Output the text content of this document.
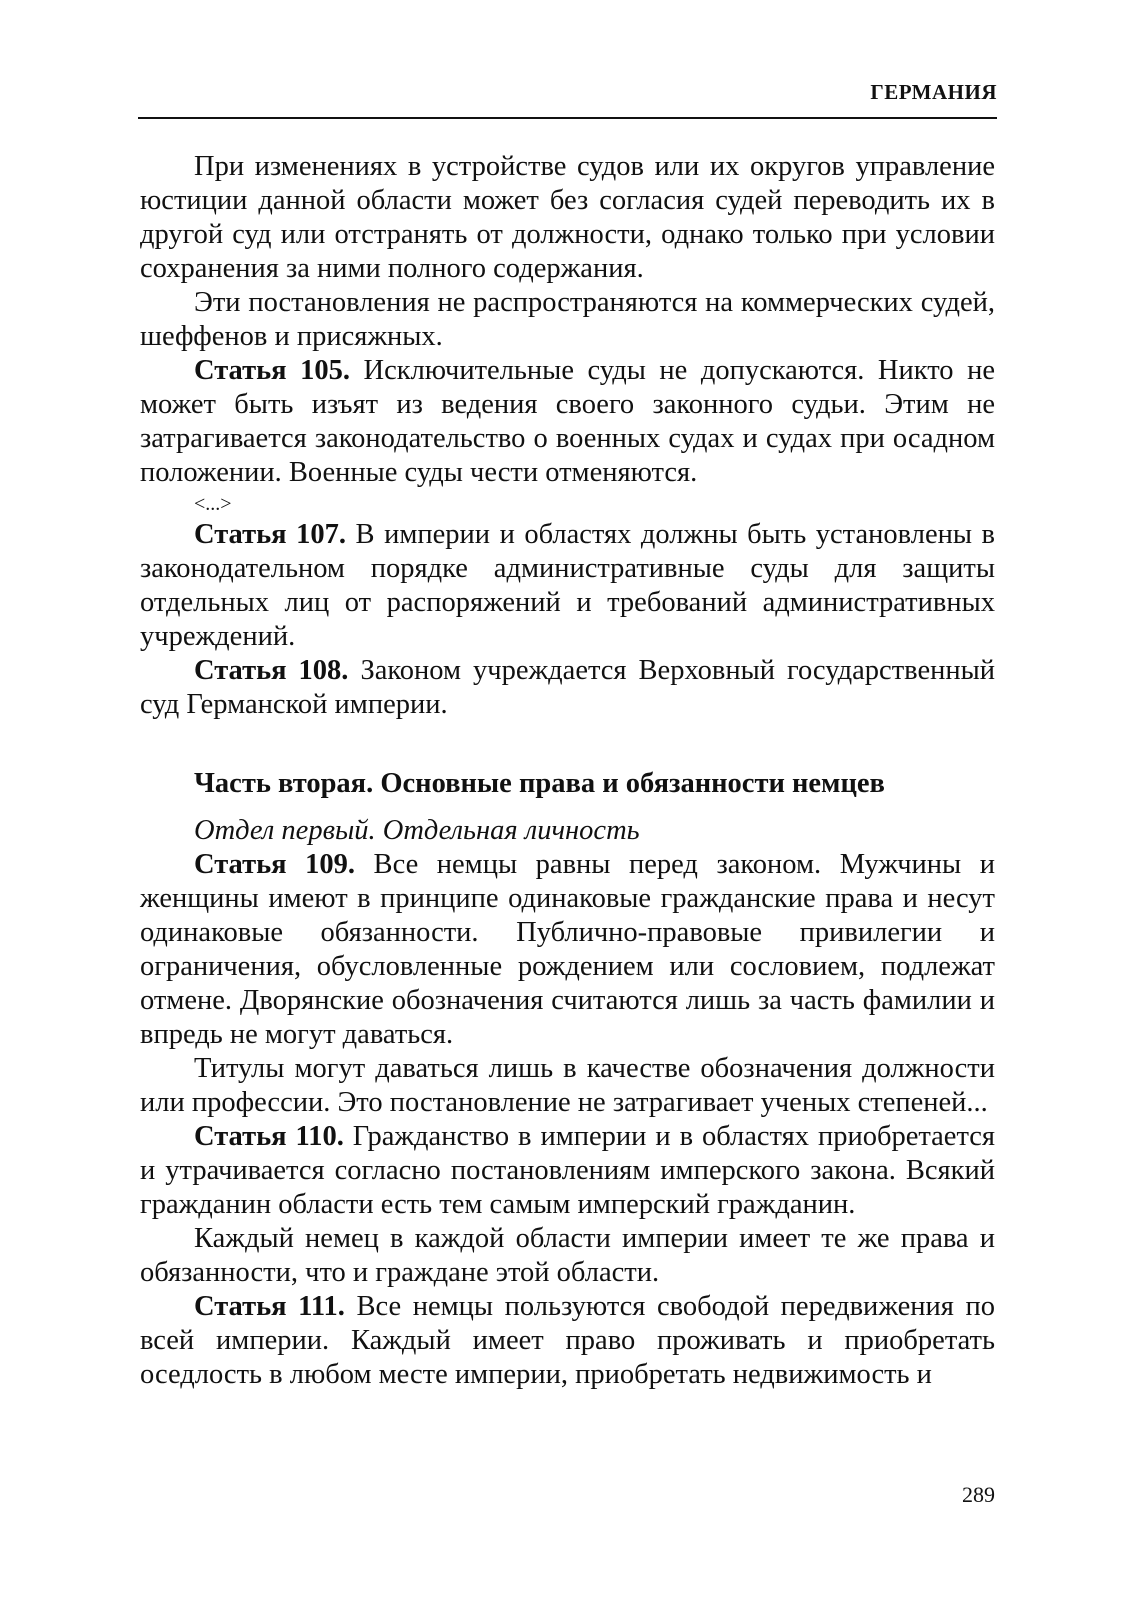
ГЕРМАНИЯ

При изменениях в устройстве судов или их округов управление юстиции данной области может без согласия судей переводить их в другой суд или отстранять от должности, однако только при условии сохранения за ними полного содержания.

Эти постановления не распространяются на коммерческих судей, шеффенов и присяжных.

Статья 105. Исключительные суды не допускаются. Никто не может быть изъят из ведения своего законного судьи. Этим не затрагивается законодательство о военных судах и судах при осадном положении. Военные суды чести отменяются.

<...>

Статья 107. В империи и областях должны быть установлены в законодательном порядке административные суды для защиты отдельных лиц от распоряжений и требований административных учреждений.

Статья 108. Законом учреждается Верховный государственный суд Германской империи.

Часть вторая. Основные права и обязанности немцев

Отдел первый. Отдельная личность

Статья 109. Все немцы равны перед законом. Мужчины и женщины имеют в принципе одинаковые гражданские права и несут одинаковые обязанности. Публично-правовые привилегии и ограничения, обусловленные рождением или сословием, подлежат отмене. Дворянские обозначения считаются лишь за часть фамилии и впредь не могут даваться.

Титулы могут даваться лишь в качестве обозначения должности или профессии. Это постановление не затрагивает ученых степеней...

Статья 110. Гражданство в империи и в областях приобретается и утрачивается согласно постановлениям имперского закона. Всякий гражданин области есть тем самым имперский гражданин.

Каждый немец в каждой области империи имеет те же права и обязанности, что и граждане этой области.

Статья 111. Все немцы пользуются свободой передвижения по всей империи. Каждый имеет право проживать и приобретать оседлость в любом месте империи, приобретать недвижимость и

289
